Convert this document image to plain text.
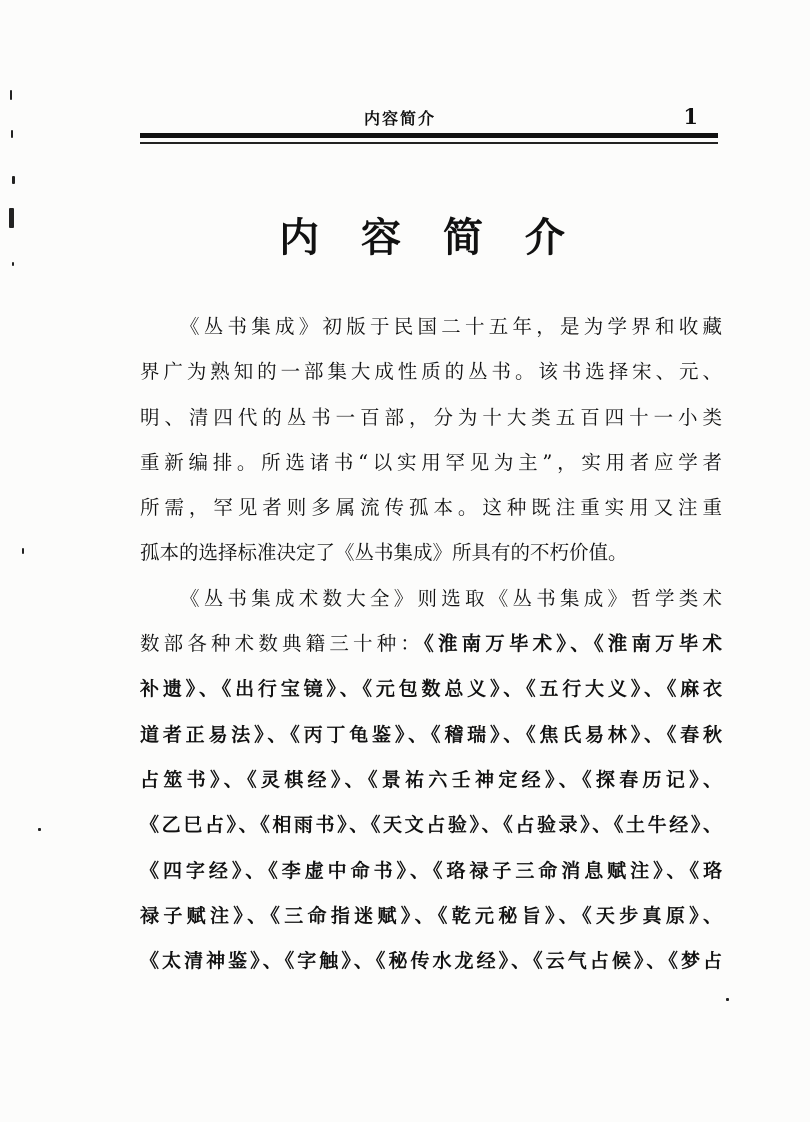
内容简介	1
内 容 简 介
《丛书集成》初版于民国二十五年，是为学界和收藏
界广为熟知的一部集大成性质的丛书。该书选择宋、元、
明、清四代的丛书一百部，分为十大类五百四十一小类
重新编排。所选诸书“以实用罕见为主”，实用者应学者
所需，罕见者则多属流传孤本。这种既注重实用又注重
孤本的选择标准决定了《丛书集成》所具有的不朽价值。
《丛书集成术数大全》则选取《丛书集成》哲学类术
数部各种术数典籍三十种：《淮南万毕术》、《淮南万毕术
补遗》、《出行宝镜》、《元包数总义》、《五行大义》、《麻衣
道者正易法》、《丙丁龟鉴》、《稽瑞》、《焦氏易林》、《春秋
占筮书》、《灵棋经》、《景祐六壬神定经》、《探春历记》、
《乙巳占》、《相雨书》、《天文占验》、《占验录》、《土牛经》、
《四字经》、《李虚中命书》、《珞禄子三命消息赋注》、《珞
禄子赋注》、《三命指迷赋》、《乾元秘旨》、《天步真原》、
《太清神鉴》、《字触》、《秘传水龙经》、《云气占候》、《梦占
